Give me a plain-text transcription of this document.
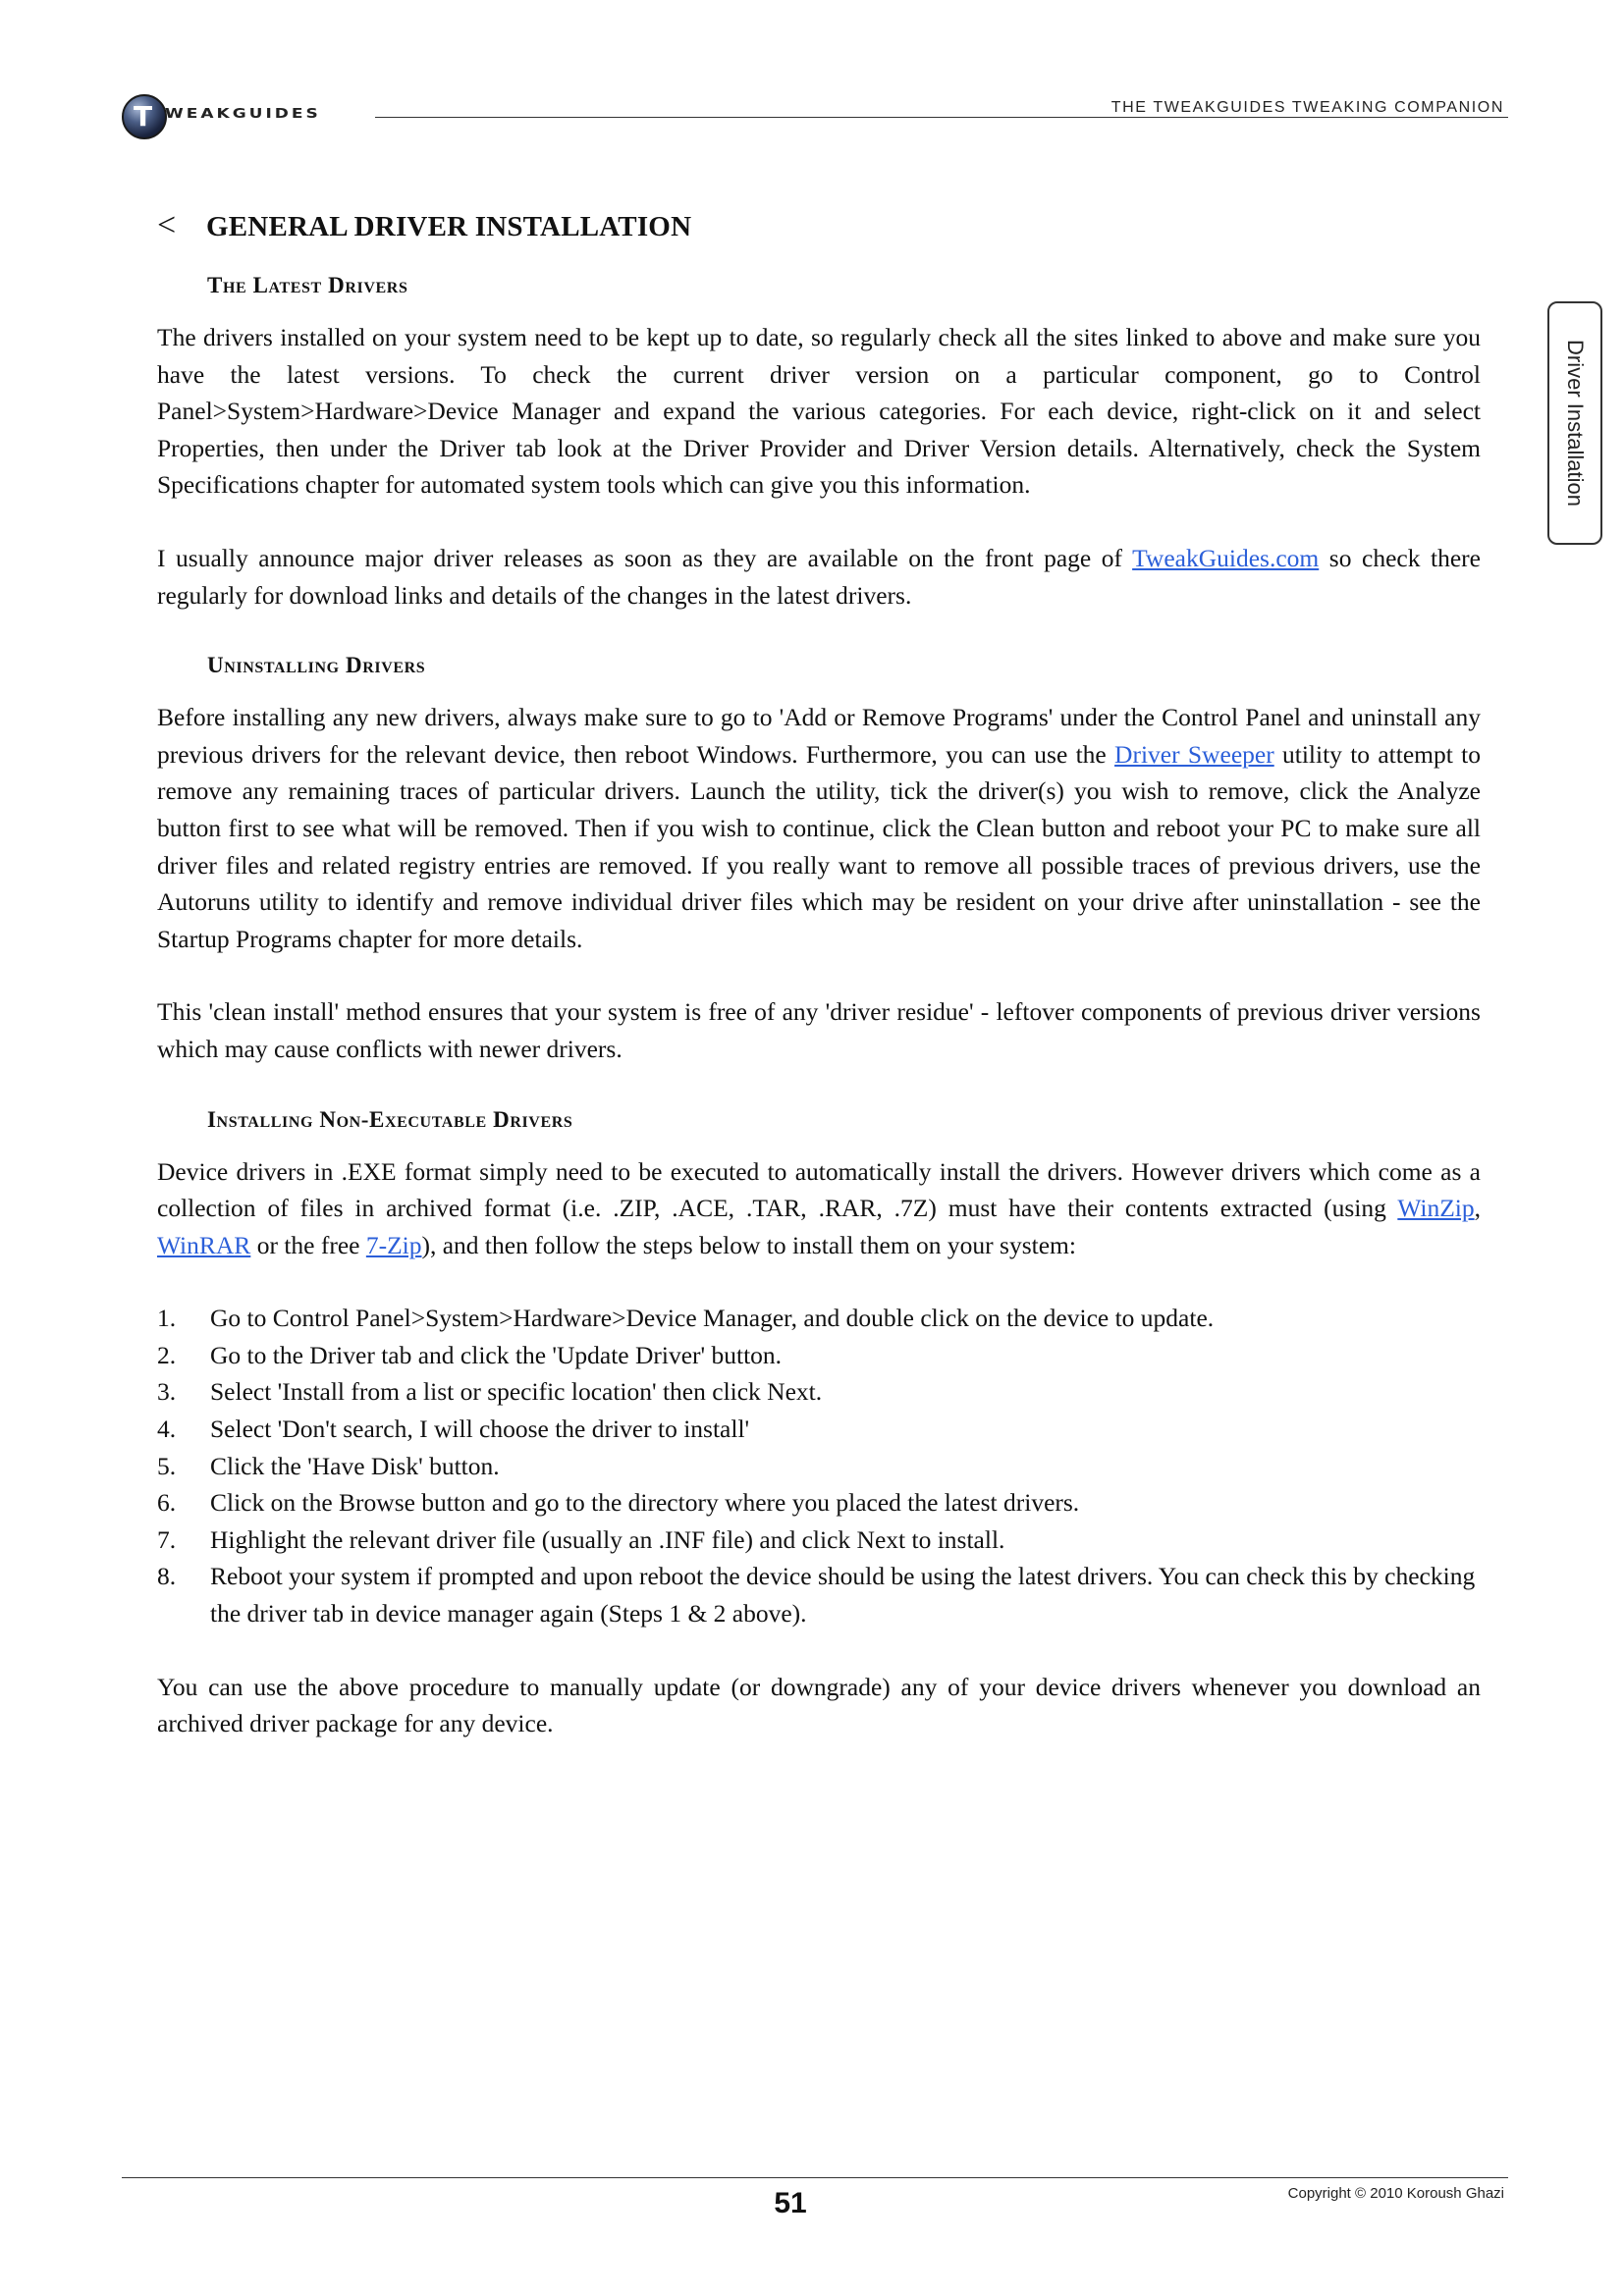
T WEAKGUIDES	THE TWEAKGUIDES TWEAKING COMPANION
Driver Installation
< GENERAL DRIVER INSTALLATION
The Latest Drivers

The drivers installed on your system need to be kept up to date, so regularly check all the sites linked to above and make sure you have the latest versions. To check the current driver version on a particular component, go to Control Panel>System>Hardware>Device Manager and expand the various categories. For each device, right-click on it and select Properties, then under the Driver tab look at the Driver Provider and Driver Version details. Alternatively, check the System Specifications chapter for automated system tools which can give you this information.

I usually announce major driver releases as soon as they are available on the front page of TweakGuides.com so check there regularly for download links and details of the changes in the latest drivers.

Uninstalling Drivers

Before installing any new drivers, always make sure to go to 'Add or Remove Programs' under the Control Panel and uninstall any previous drivers for the relevant device, then reboot Windows. Furthermore, you can use the Driver Sweeper utility to attempt to remove any remaining traces of particular drivers. Launch the utility, tick the driver(s) you wish to remove, click the Analyze button first to see what will be removed. Then if you wish to continue, click the Clean button and reboot your PC to make sure all driver files and related registry entries are removed. If you really want to remove all possible traces of previous drivers, use the Autoruns utility to identify and remove individual driver files which may be resident on your drive after uninstallation - see the Startup Programs chapter for more details.

This 'clean install' method ensures that your system is free of any 'driver residue' - leftover components of previous driver versions which may cause conflicts with newer drivers.

Installing Non-Executable Drivers

Device drivers in .EXE format simply need to be executed to automatically install the drivers. However drivers which come as a collection of files in archived format (i.e. .ZIP, .ACE, .TAR, .RAR, .7Z) must have their contents extracted (using WinZip, WinRAR or the free 7-Zip), and then follow the steps below to install them on your system:

1. Go to Control Panel>System>Hardware>Device Manager, and double click on the device to update.
2. Go to the Driver tab and click the 'Update Driver' button.
3. Select 'Install from a list or specific location' then click Next.
4. Select 'Don't search, I will choose the driver to install'
5. Click the 'Have Disk' button.
6. Click on the Browse button and go to the directory where you placed the latest drivers.
7. Highlight the relevant driver file (usually an .INF file) and click Next to install.
8. Reboot your system if prompted and upon reboot the device should be using the latest drivers. You can check this by checking the driver tab in device manager again (Steps 1 & 2 above).

You can use the above procedure to manually update (or downgrade) any of your device drivers whenever you download an archived driver package for any device.

Copyright © 2010 Koroush Ghazi
51
